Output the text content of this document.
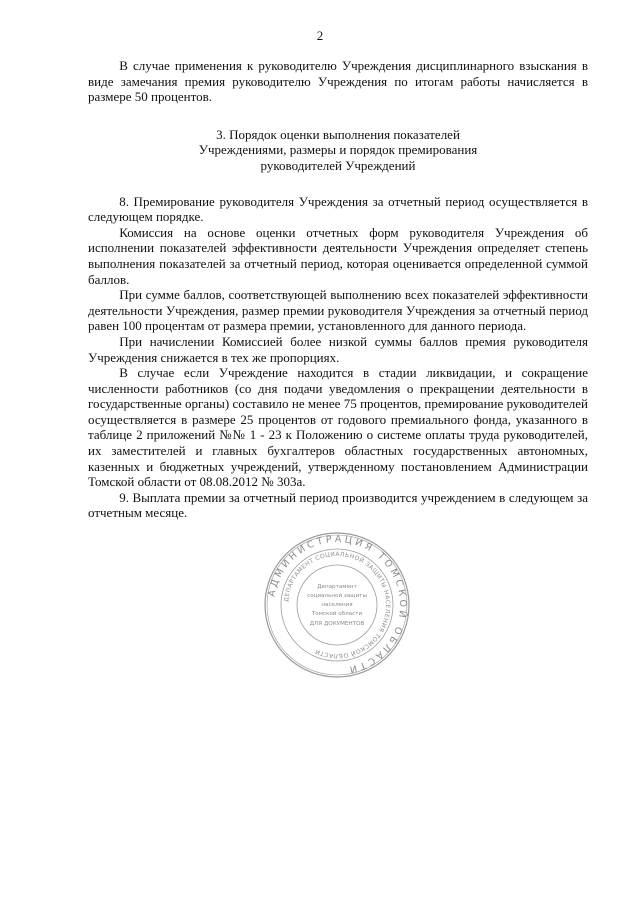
2

В случае применения к руководителю Учреждения дисциплинарного взыскания в виде замечания премия руководителю Учреждения по итогам работы начисляется в размере 50 процентов.

3. Порядок оценки выполнения показателей
Учреждениями, размеры и порядок премирования
руководителей Учреждений

8. Премирование руководителя Учреждения за отчетный период осуществляется в следующем порядке.

Комиссия на основе оценки отчетных форм руководителя Учреждения об исполнении показателей эффективности деятельности Учреждения определяет степень выполнения показателей за отчетный период, которая оценивается определенной суммой баллов.

При сумме баллов, соответствующей выполнению всех показателей эффективности деятельности Учреждения, размер премии руководителя Учреждения за отчетный период равен 100 процентам от размера премии, установленного для данного периода.

При начислении Комиссией более низкой суммы баллов премия руководителя Учреждения снижается в тех же пропорциях.

В случае если Учреждение находится в стадии ликвидации, и сокращение численности работников (со дня подачи уведомления о прекращении деятельности в государственные органы) составило не менее 75 процентов, премирование руководителей осуществляется в размере 25 процентов от годового премиального фонда, указанного в таблице 2 приложений №№ 1 - 23 к Положению о системе оплаты труда руководителей, их заместителей и главных бухгалтеров областных государственных автономных, казенных и бюджетных учреждений, утвержденному постановлением Администрации Томской области от 08.08.2012 № 303а.

9. Выплата премии за отчетный период производится учреждением в следующем за отчетным месяце.

АДМИНИСТРАЦИЯ ТОМСКОЙ ОБЛАСТИ
ДЕПАРТАМЕНТ СОЦИАЛЬНОЙ ЗАЩИТЫ НАСЕЛЕНИЯ ТОМСКОЙ ОБЛАСТИ
Департамент
социальной защиты
населения
Томской области
ДЛЯ ДОКУМЕНТОВ
